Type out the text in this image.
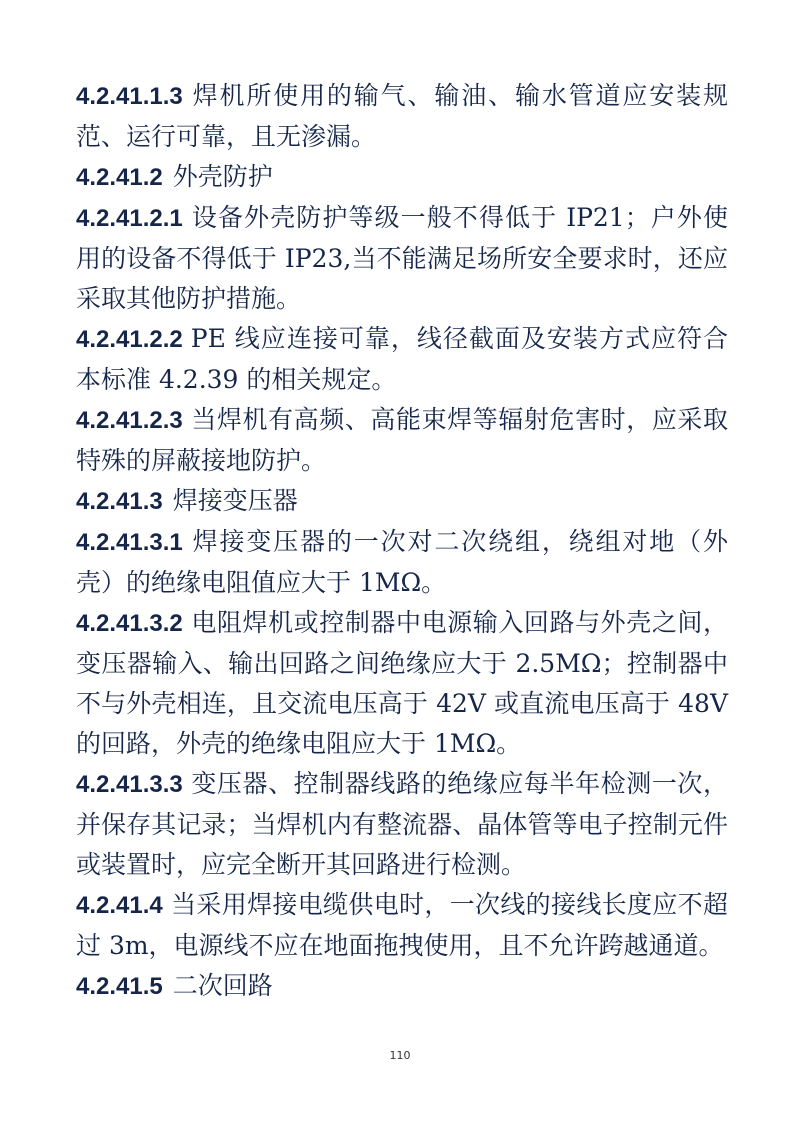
4.2.41.1.3 焊机所使用的输气、输油、输水管道应安装规范、运行可靠，且无渗漏。

4.2.41.2 外壳防护

4.2.41.2.1 设备外壳防护等级一般不得低于 IP21；户外使用的设备不得低于 IP23,当不能满足场所安全要求时，还应采取其他防护措施。

4.2.41.2.2 PE 线应连接可靠，线径截面及安装方式应符合本标准 4.2.39 的相关规定。

4.2.41.2.3 当焊机有高频、高能束焊等辐射危害时，应采取特殊的屏蔽接地防护。

4.2.41.3 焊接变压器

4.2.41.3.1 焊接变压器的一次对二次绕组，绕组对地（外壳）的绝缘电阻值应大于 1MΩ。

4.2.41.3.2 电阻焊机或控制器中电源输入回路与外壳之间，变压器输入、输出回路之间绝缘应大于 2.5MΩ；控制器中不与外壳相连，且交流电压高于 42V 或直流电压高于 48V 的回路，外壳的绝缘电阻应大于 1MΩ。

4.2.41.3.3 变压器、控制器线路的绝缘应每半年检测一次，并保存其记录；当焊机内有整流器、晶体管等电子控制元件或装置时，应完全断开其回路进行检测。

4.2.41.4 当采用焊接电缆供电时，一次线的接线长度应不超过 3m，电源线不应在地面拖拽使用，且不允许跨越通道。

4.2.41.5 二次回路

110
